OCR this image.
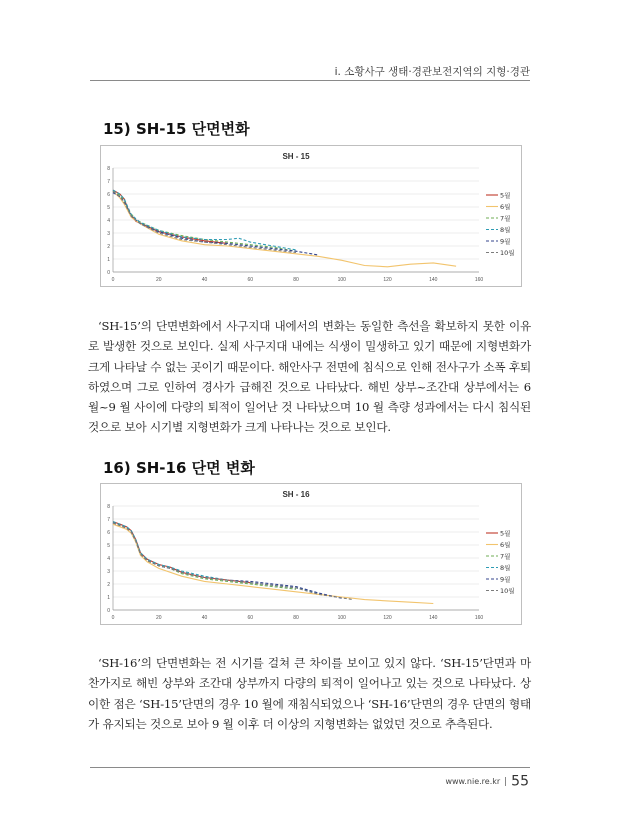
i. 소황사구 생태·경관보전지역의 지형·경관
15) SH-15 단면변화
SH - 15
0
1
2
3
4
5
6
7
8
0	20	40	60	80	100	120	140	160
5월
6월
7월
8월
9월
10월

‘SH-15’의 단면변화에서 사구지대 내에서의 변화는 동일한 측선을 확보하지 못한 이유로 발생한 것으로 보인다. 실제 사구지대 내에는 식생이 밀생하고 있기 때문에 지형변화가 크게 나타날 수 없는 곳이기 때문이다. 해안사구 전면에 침식으로 인해 전사구가 소폭 후퇴하였으며 그로 인하여 경사가 급해진 것으로 나타났다. 해빈 상부~조간대 상부에서는 6 월~9 월 사이에 다량의 퇴적이 일어난 것 나타났으며 10 월 측량 성과에서는 다시 침식된 것으로 보아 시기별 지형변화가 크게 나타나는 것으로 보인다.

16) SH-16 단면 변화
SH - 16
0
1
2
3
4
5
6
7
8
0	20	40	60	80	100	120	140	160
5월
6월
7월
8월
9월
10월

‘SH-16’의 단면변화는 전 시기를 걸쳐 큰 차이를 보이고 있지 않다. ‘SH-15’단면과 마찬가지로 해빈 상부와 조간대 상부까지 다량의 퇴적이 일어나고 있는 것으로 나타났다. 상이한 점은 ‘SH-15’단면의 경우 10 월에 재침식되었으나 ‘SH-16’단면의 경우 단면의 형태가 유지되는 것으로 보아 9 월 이후 더 이상의 지형변화는 없었던 것으로 추측된다.

www.nie.re.kr 55
